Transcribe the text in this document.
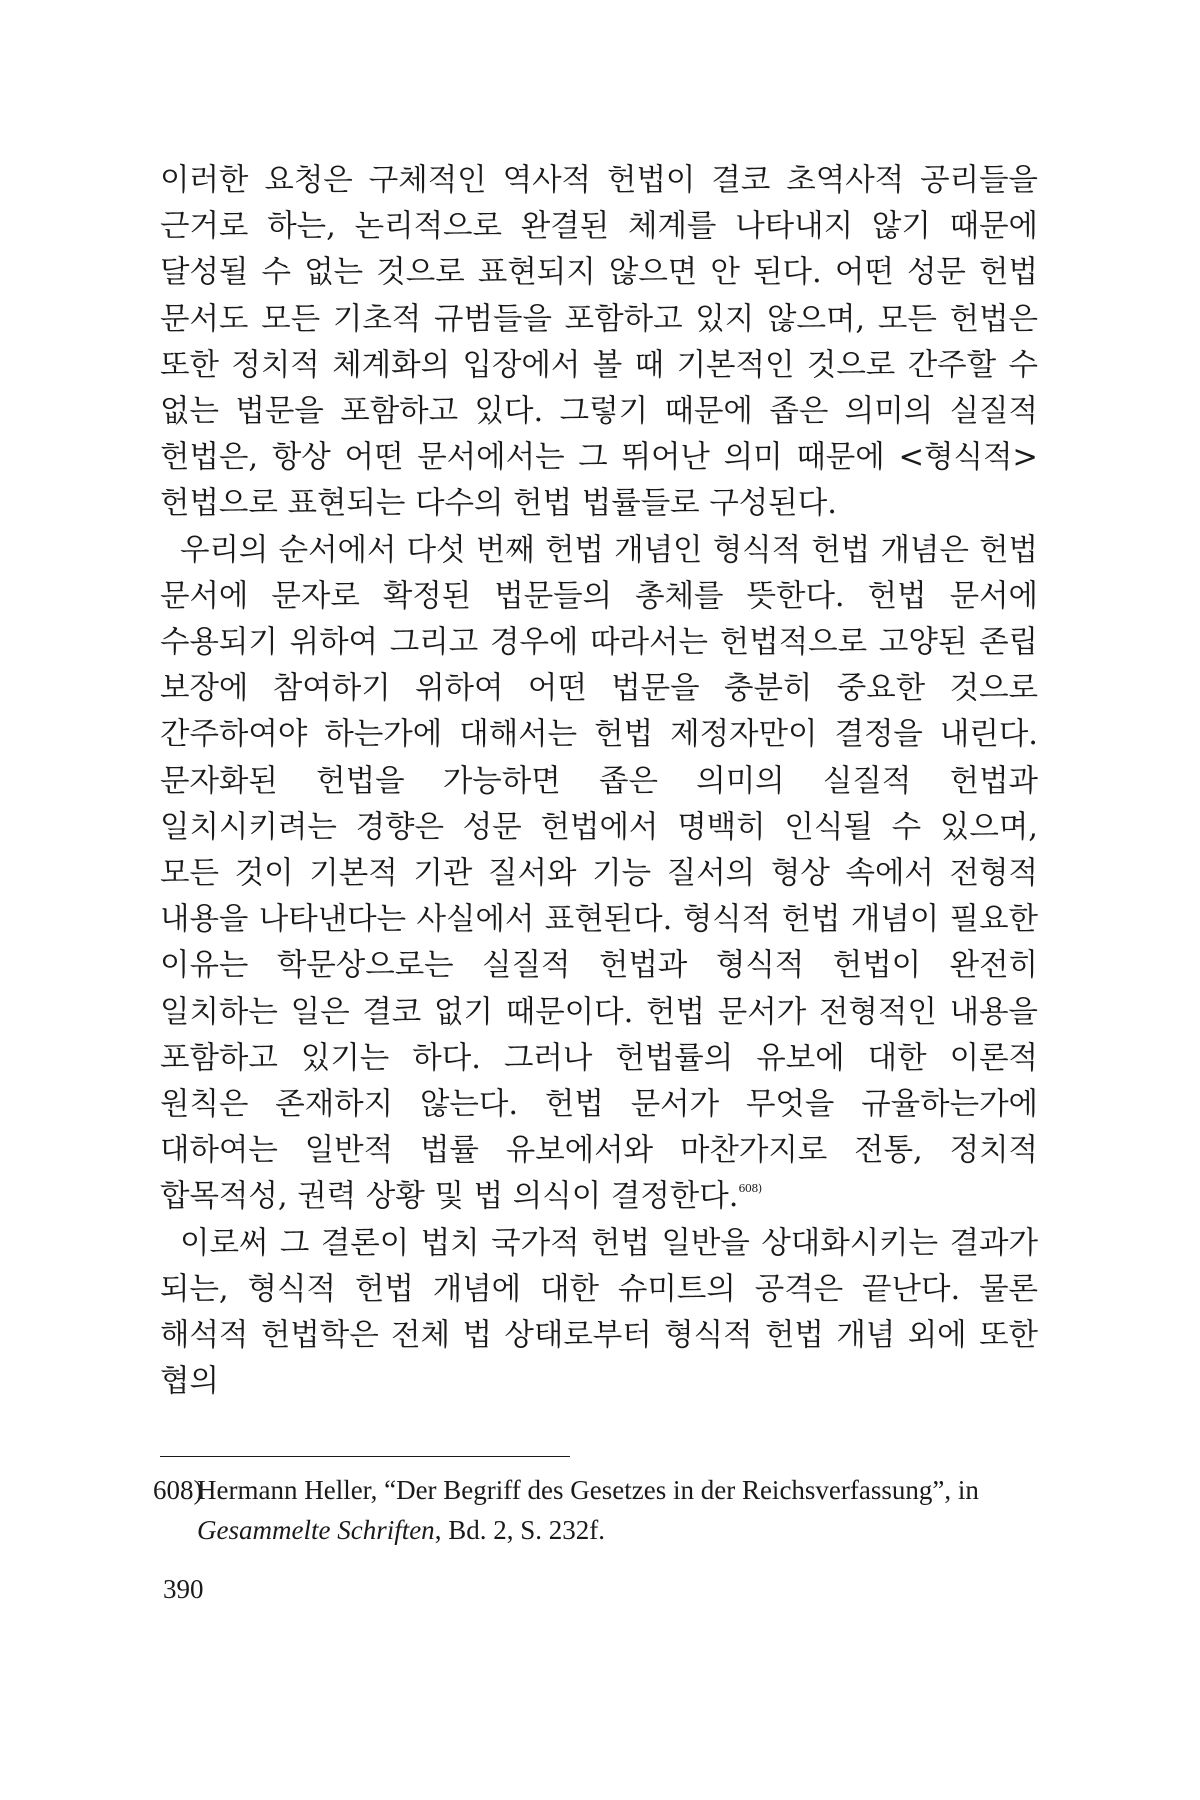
이러한 요청은 구체적인 역사적 헌법이 결코 초역사적 공리들을 근거로 하는, 논리적으로 완결된 체계를 나타내지 않기 때문에 달성될 수 없는 것으로 표현되지 않으면 안 된다. 어떤 성문 헌법 문서도 모든 기초적 규범들을 포함하고 있지 않으며, 모든 헌법은 또한 정치적 체계화의 입장에서 볼 때 기본적인 것으로 간주할 수 없는 법문을 포함하고 있다. 그렇기 때문에 좁은 의미의 실질적 헌법은, 항상 어떤 문서에서는 그 뛰어난 의미 때문에 <형식적> 헌법으로 표현되는 다수의 헌법 법률들로 구성된다.

우리의 순서에서 다섯 번째 헌법 개념인 형식적 헌법 개념은 헌법 문서에 문자로 확정된 법문들의 총체를 뜻한다. 헌법 문서에 수용되기 위하여 그리고 경우에 따라서는 헌법적으로 고양된 존립 보장에 참여하기 위하여 어떤 법문을 충분히 중요한 것으로 간주하여야 하는가에 대해서는 헌법 제정자만이 결정을 내린다. 문자화된 헌법을 가능하면 좁은 의미의 실질적 헌법과 일치시키려는 경향은 성문 헌법에서 명백히 인식될 수 있으며, 모든 것이 기본적 기관 질서와 기능 질서의 형상 속에서 전형적 내용을 나타낸다는 사실에서 표현된다. 형식적 헌법 개념이 필요한 이유는 학문상으로는 실질적 헌법과 형식적 헌법이 완전히 일치하는 일은 결코 없기 때문이다. 헌법 문서가 전형적인 내용을 포함하고 있기는 하다. 그러나 헌법률의 유보에 대한 이론적 원칙은 존재하지 않는다. 헌법 문서가 무엇을 규율하는가에 대하여는 일반적 법률 유보에서와 마찬가지로 전통, 정치적 합목적성, 권력 상황 및 법 의식이 결정한다.$^{608)}$

이로써 그 결론이 법치 국가적 헌법 일반을 상대화시키는 결과가 되는, 형식적 헌법 개념에 대한 슈미트의 공격은 끝난다. 물론 해석적 헌법학은 전체 법 상태로부터 형식적 헌법 개념 외에 또한 협의

608)Hermann Heller, “Der Begriff des Gesetzes in der Reichsverfassung”, in
Gesammelte Schriften, Bd. 2, S. 232f.
390
